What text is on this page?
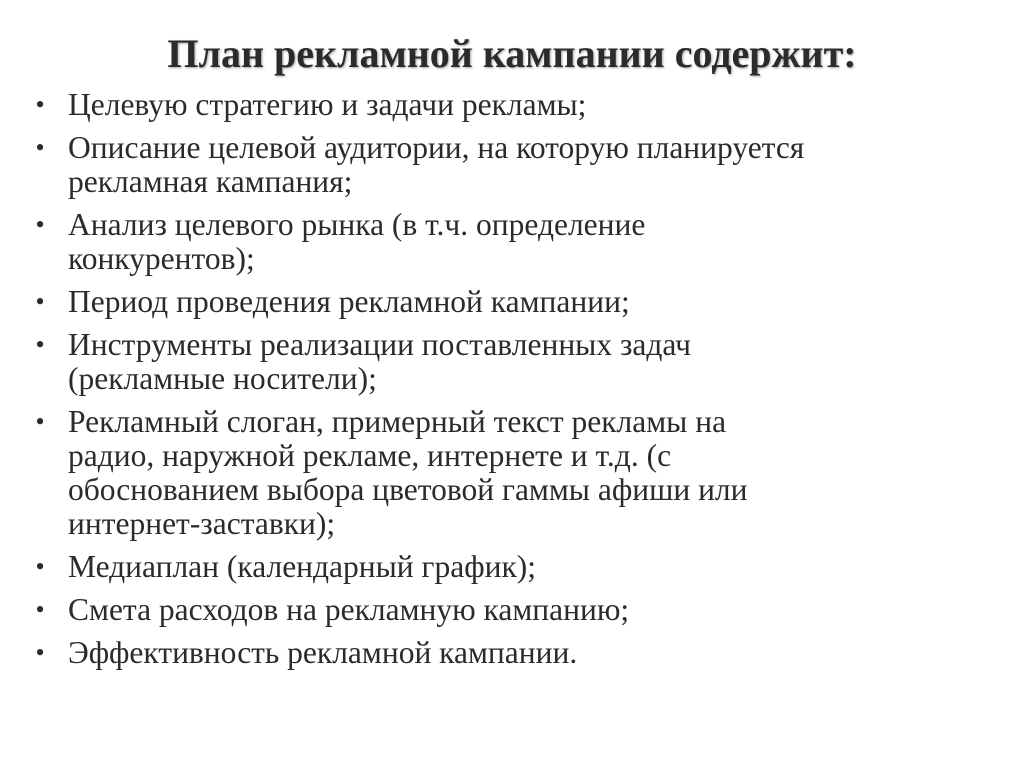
План рекламной кампании содержит:
• Целевую стратегию и задачи рекламы;
• Описание целевой аудитории, на которую планируется
рекламная кампания;
• Анализ целевого рынка (в т.ч. определение
конкурентов);
• Период проведения рекламной кампании;
• Инструменты реализации поставленных задач
(рекламные носители);
• Рекламный слоган, примерный текст рекламы на
радио, наружной рекламе, интернете и т.д. (с
обоснованием выбора цветовой гаммы афиши или
интернет-заставки);
• Медиаплан (календарный график);
• Смета расходов на рекламную кампанию;
• Эффективность рекламной кампании.
